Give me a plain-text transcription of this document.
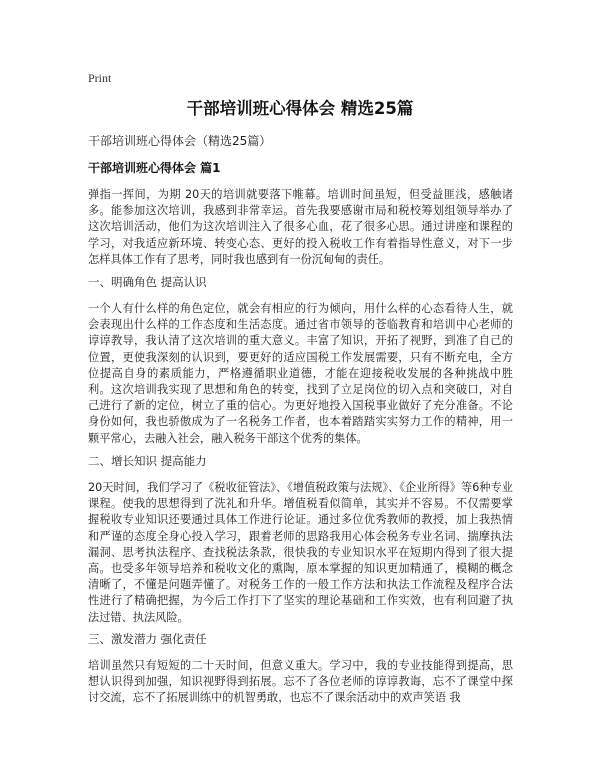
Print
干部培训班心得体会 精选25篇
干部培训班心得体会（精选25篇）
干部培训班心得体会 篇1

弹指一挥间，为期 20天的培训就要落下帷幕。培训时间虽短，但受益匪浅，感触诸多。能参加这次培训，我感到非常幸运。首先我要感谢市局和税校筹划组领导举办了这次培训活动，他们为这次培训注入了很多心血，花了很多心思。通过讲座和课程的学习，对我适应新环境、转变心态、更好的投入税收工作有着指导性意义，对下一步怎样具体工作有了思考，同时我也感到有一份沉甸甸的责任。

一、明确角色 提高认识

一个人有什么样的角色定位，就会有相应的行为倾向，用什么样的心态看待人生，就会表现出什么样的工作态度和生活态度。通过省市领导的苍临教育和培训中心老师的谆谆教导，我认清了这次培训的重大意义。丰富了知识，开拓了视野，到准了自己的位置，更使我深刻的认识到，要更好的适应国税工作发展需要，只有不断充电，全方位提高自身的素质能力，严格遵循职业道德，才能在迎接税收发展的各种挑战中胜利。这次培训我实现了思想和角色的转变，找到了立足岗位的切入点和突破口，对自己进行了新的定位，树立了重的信心。为更好地投入国税事业做好了充分准备。不论身份如何，我也骄傲成为了一名税务工作者，也本着踏踏实实努力工作的精神，用一颗平常心，去融入社会，融入税务干部这个优秀的集体。

二、增长知识 提高能力

20天时间，我们学习了《税收征管法》、《增值税政策与法规》、《企业所得》等6种专业课程。使我的思想得到了洗礼和升华。增值税看似简单，其实并不容易。不仅需要掌握税收专业知识还要通过具体工作进行论证。通过多位优秀教师的教授，加上我热情和严谨的态度全身心投入学习，跟着老师的思路我用心体会税务专业名词、揣摩执法漏洞、思考执法程序、查找税法条款，很快我的专业知识水平在短期内得到了很大提高。也受多年领导培养和税收文化的熏陶，原本掌握的知识更加精通了，模糊的概念清晰了，不懂是问题弄懂了。对税务工作的一般工作方法和执法工作流程及程序合法性进行了精确把握，为今后工作打下了坚实的理论基础和工作实效，也有利回避了执法过错、执法风险。

三、激发潜力 强化责任

培训虽然只有短短的二十天时间，但意义重大。学习中，我的专业技能得到提高，思想认识得到加强，知识视野得到拓展。忘不了各位老师的谆谆教诲，忘不了课堂中探讨交流，忘不了拓展训练中的机智勇敢，也忘不了课余活动中的欢声笑语 我
